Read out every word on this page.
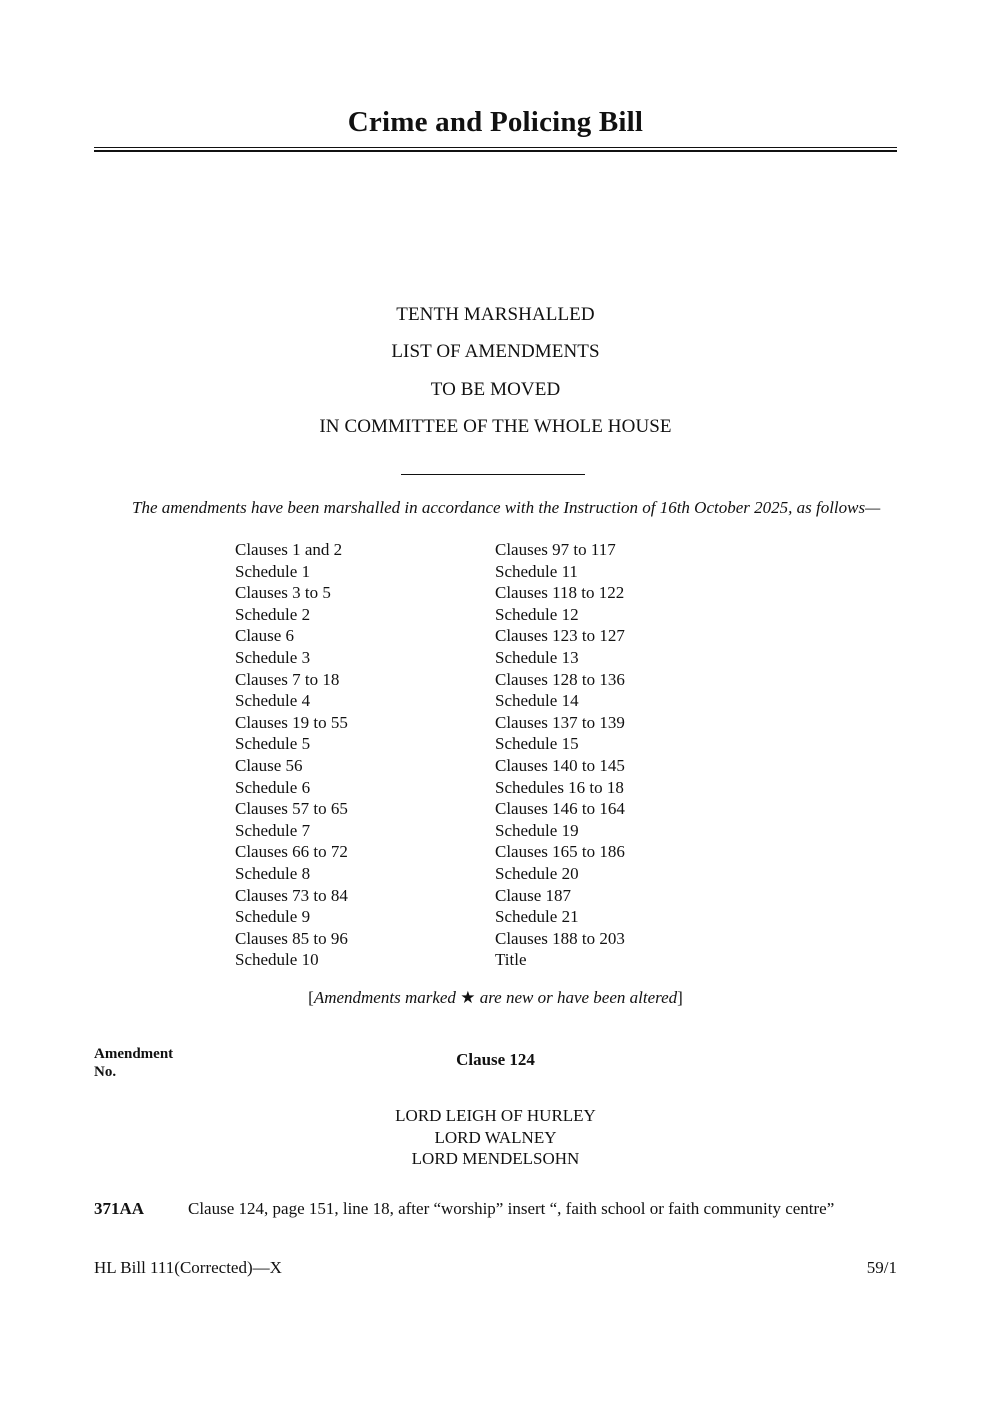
Crime and Policing Bill
TENTH MARSHALLED
LIST OF AMENDMENTS
TO BE MOVED
IN COMMITTEE OF THE WHOLE HOUSE
The amendments have been marshalled in accordance with the Instruction of 16th October 2025, as follows—
Clauses 1 and 2
Schedule 1
Clauses 3 to 5
Schedule 2
Clause 6
Schedule 3
Clauses 7 to 18
Schedule 4
Clauses 19 to 55
Schedule 5
Clause 56
Schedule 6
Clauses 57 to 65
Schedule 7
Clauses 66 to 72
Schedule 8
Clauses 73 to 84
Schedule 9
Clauses 85 to 96
Schedule 10
Clauses 97 to 117
Schedule 11
Clauses 118 to 122
Schedule 12
Clauses 123 to 127
Schedule 13
Clauses 128 to 136
Schedule 14
Clauses 137 to 139
Schedule 15
Clauses 140 to 145
Schedules 16 to 18
Clauses 146 to 164
Schedule 19
Clauses 165 to 186
Schedule 20
Clause 187
Schedule 21
Clauses 188 to 203
Title
[Amendments marked ★ are new or have been altered]
Amendment
No.
Clause 124
LORD LEIGH OF HURLEY
LORD WALNEY
LORD MENDELSOHN
371AA	Clause 124, page 151, line 18, after “worship” insert “, faith school or faith community centre”
HL Bill 111(Corrected)—X	59/1
